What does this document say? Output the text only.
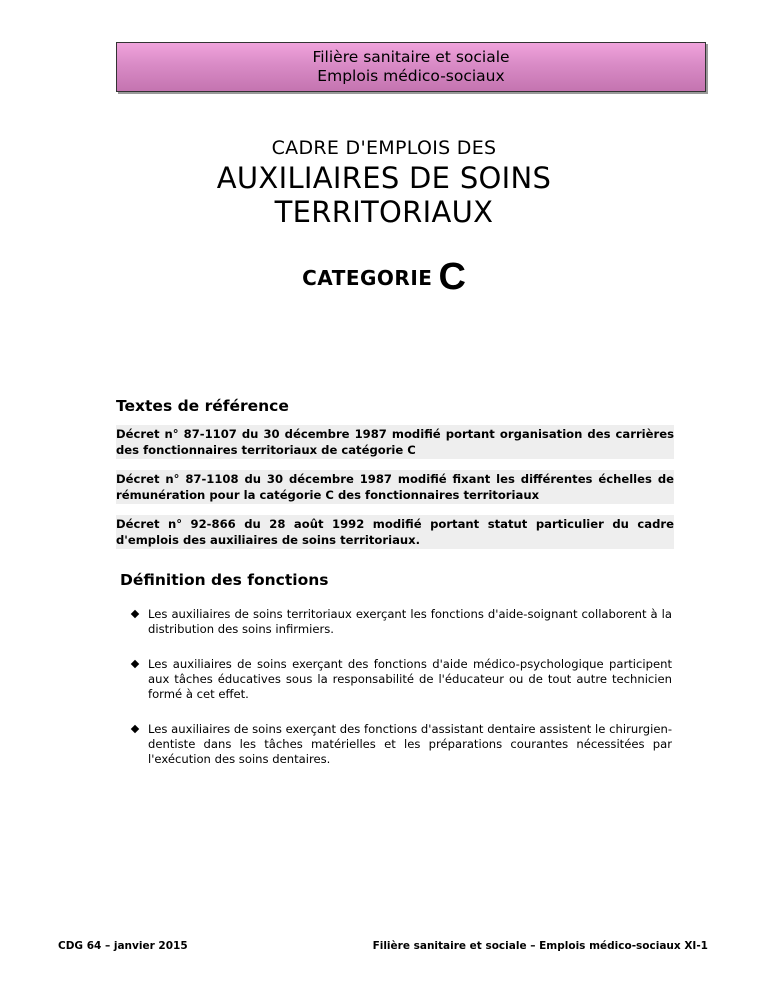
Filière sanitaire et sociale
Emplois médico-sociaux
CADRE D'EMPLOIS DES
AUXILIAIRES DE SOINS
TERRITORIAUX
CATEGORIE C
Textes de référence
Décret n° 87-1107 du 30 décembre 1987 modifié portant organisation des carrières des fonctionnaires territoriaux de catégorie C
Décret n° 87-1108 du 30 décembre 1987 modifié fixant les différentes échelles de rémunération pour la catégorie C des fonctionnaires territoriaux
Décret n° 92-866 du 28 août 1992 modifié portant statut particulier du cadre d'emplois des auxiliaires de soins territoriaux.
Définition des fonctions
Les auxiliaires de soins territoriaux exerçant les fonctions d'aide-soignant collaborent à la distribution des soins infirmiers.
Les auxiliaires de soins exerçant des fonctions d'aide médico-psychologique participent aux tâches éducatives sous la responsabilité de l'éducateur ou de tout autre technicien formé à cet effet.
Les auxiliaires de soins exerçant des fonctions d'assistant dentaire assistent le chirurgien-dentiste dans les tâches matérielles et les préparations courantes nécessitées par l'exécution des soins dentaires.
CDG 64 – janvier 2015	Filière sanitaire et sociale – Emplois médico-sociaux XI-1
